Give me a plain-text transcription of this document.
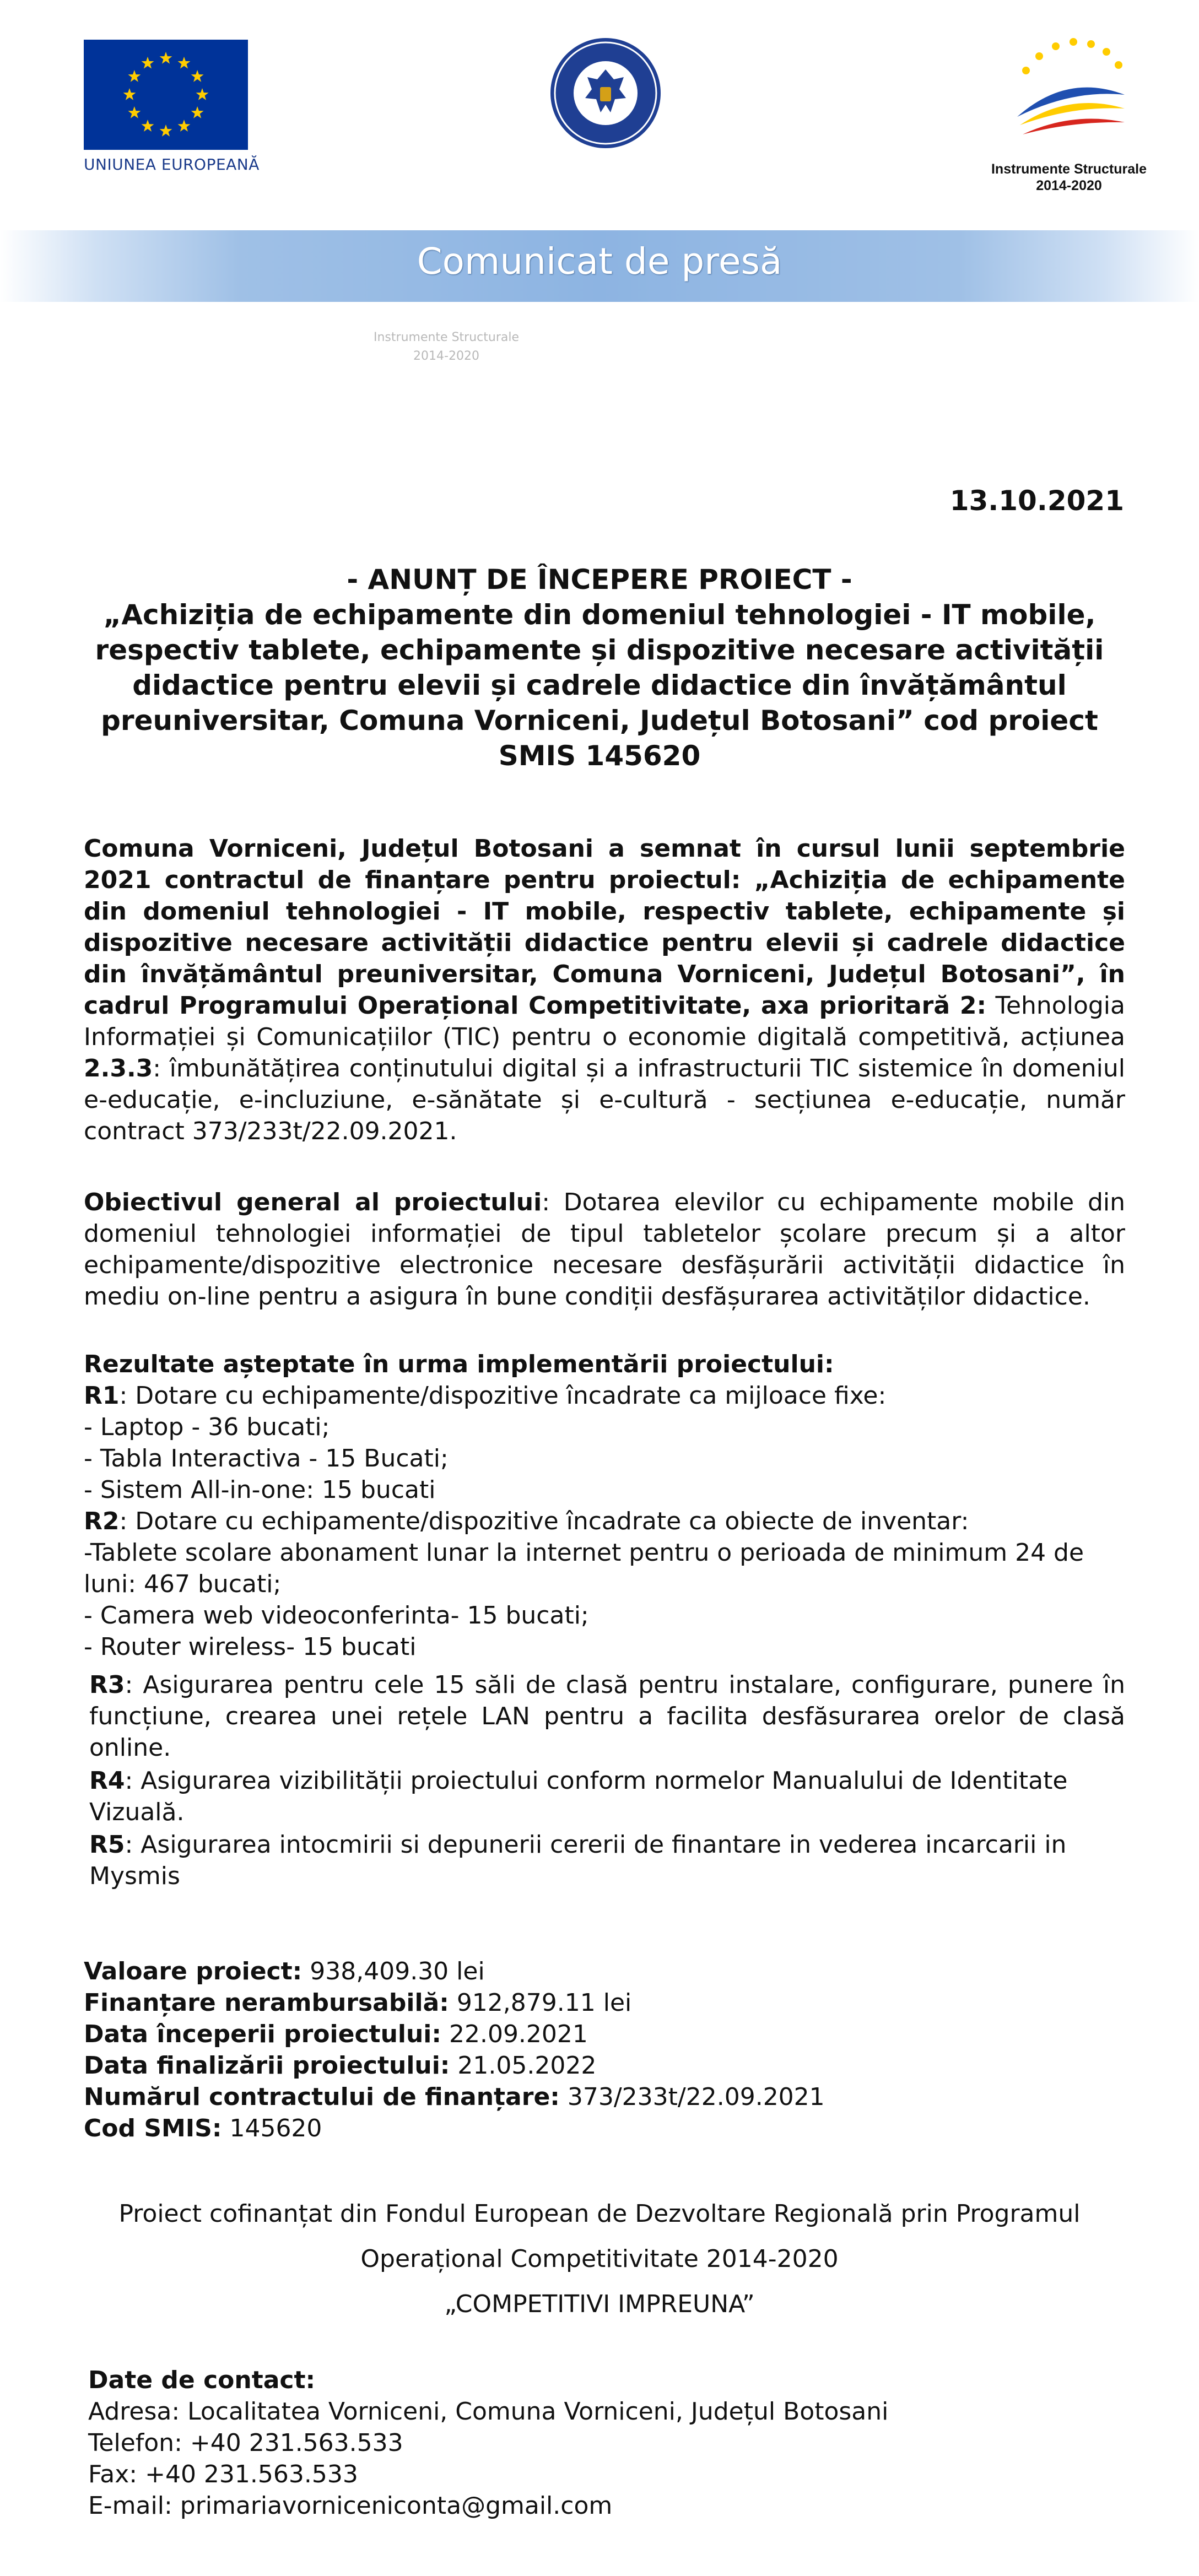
UNIUNEA EUROPEANĂ	Instrumente Structurale
2014-2020
Comunicat de presă
Instrumente Structurale
2014-2020
13.10.2021
- ANUNȚ DE ÎNCEPERE PROIECT -
„Achiziția de echipamente din domeniul tehnologiei - IT mobile,
respectiv tablete, echipamente și dispozitive necesare activității
didactice pentru elevii și cadrele didactice din învățământul
preuniversitar, Comuna Vorniceni, Județul Botosani” cod proiect
SMIS 145620
Comuna Vorniceni, Județul Botosani a semnat în cursul lunii septembrie 2021 contractul de finanțare pentru proiectul: „Achiziția de echipamente din domeniul tehnologiei - IT mobile, respectiv tablete, echipamente și dispozitive necesare activității didactice pentru elevii și cadrele didactice din învățământul preuniversitar, Comuna Vorniceni, Județul Botosani”, în cadrul Programului Operațional Competitivitate, axa prioritară 2: Tehnologia Informației și Comunicațiilor (TIC) pentru o economie digitală competitivă, acțiunea 2.3.3: îmbunătățirea conținutului digital și a infrastructurii TIC sistemice în domeniul e-educație, e-incluziune, e-sănătate și e-cultură - secțiunea e-educație, număr contract 373/233t/22.09.2021.
Obiectivul general al proiectului: Dotarea elevilor cu echipamente mobile din domeniul tehnologiei informației de tipul tabletelor școlare precum și a altor echipamente/dispozitive electronice necesare desfășurării activității didactice în mediu on-line pentru a asigura în bune condiții desfășurarea activităților didactice.
Rezultate așteptate în urma implementării proiectului:
R1: Dotare cu echipamente/dispozitive încadrate ca mijloace fixe:
- Laptop - 36 bucati;
- Tabla Interactiva - 15 Bucati;
- Sistem All-in-one: 15 bucati
R2: Dotare cu echipamente/dispozitive încadrate ca obiecte de inventar:
-Tablete scolare abonament lunar la internet pentru o perioada de minimum 24 de luni: 467 bucati;
- Camera web videoconferinta- 15 bucati;
- Router wireless- 15 bucati
R3: Asigurarea pentru cele 15 săli de clasă pentru instalare, configurare, punere în funcțiune, crearea unei rețele LAN pentru a facilita desfăsurarea orelor de clasă online.
R4: Asigurarea vizibilității proiectului conform normelor Manualului de Identitate Vizuală.
R5: Asigurarea intocmirii si depunerii cererii de finantare in vederea incarcarii in Mysmis
Valoare proiect: 938,409.30 lei
Finanțare nerambursabilă: 912,879.11 lei
Data începerii proiectului: 22.09.2021
Data finalizării proiectului: 21.05.2022
Numărul contractului de finanțare: 373/233t/22.09.2021
Cod SMIS: 145620
Proiect cofinanțat din Fondul European de Dezvoltare Regională prin Programul
Operațional Competitivitate 2014-2020
„COMPETITIVI IMPREUNA”
Date de contact:
Adresa: Localitatea Vorniceni, Comuna Vorniceni, Județul Botosani
Telefon: +40 231.563.533
Fax: +40 231.563.533
E-mail: primariavorniceniconta@gmail.com
